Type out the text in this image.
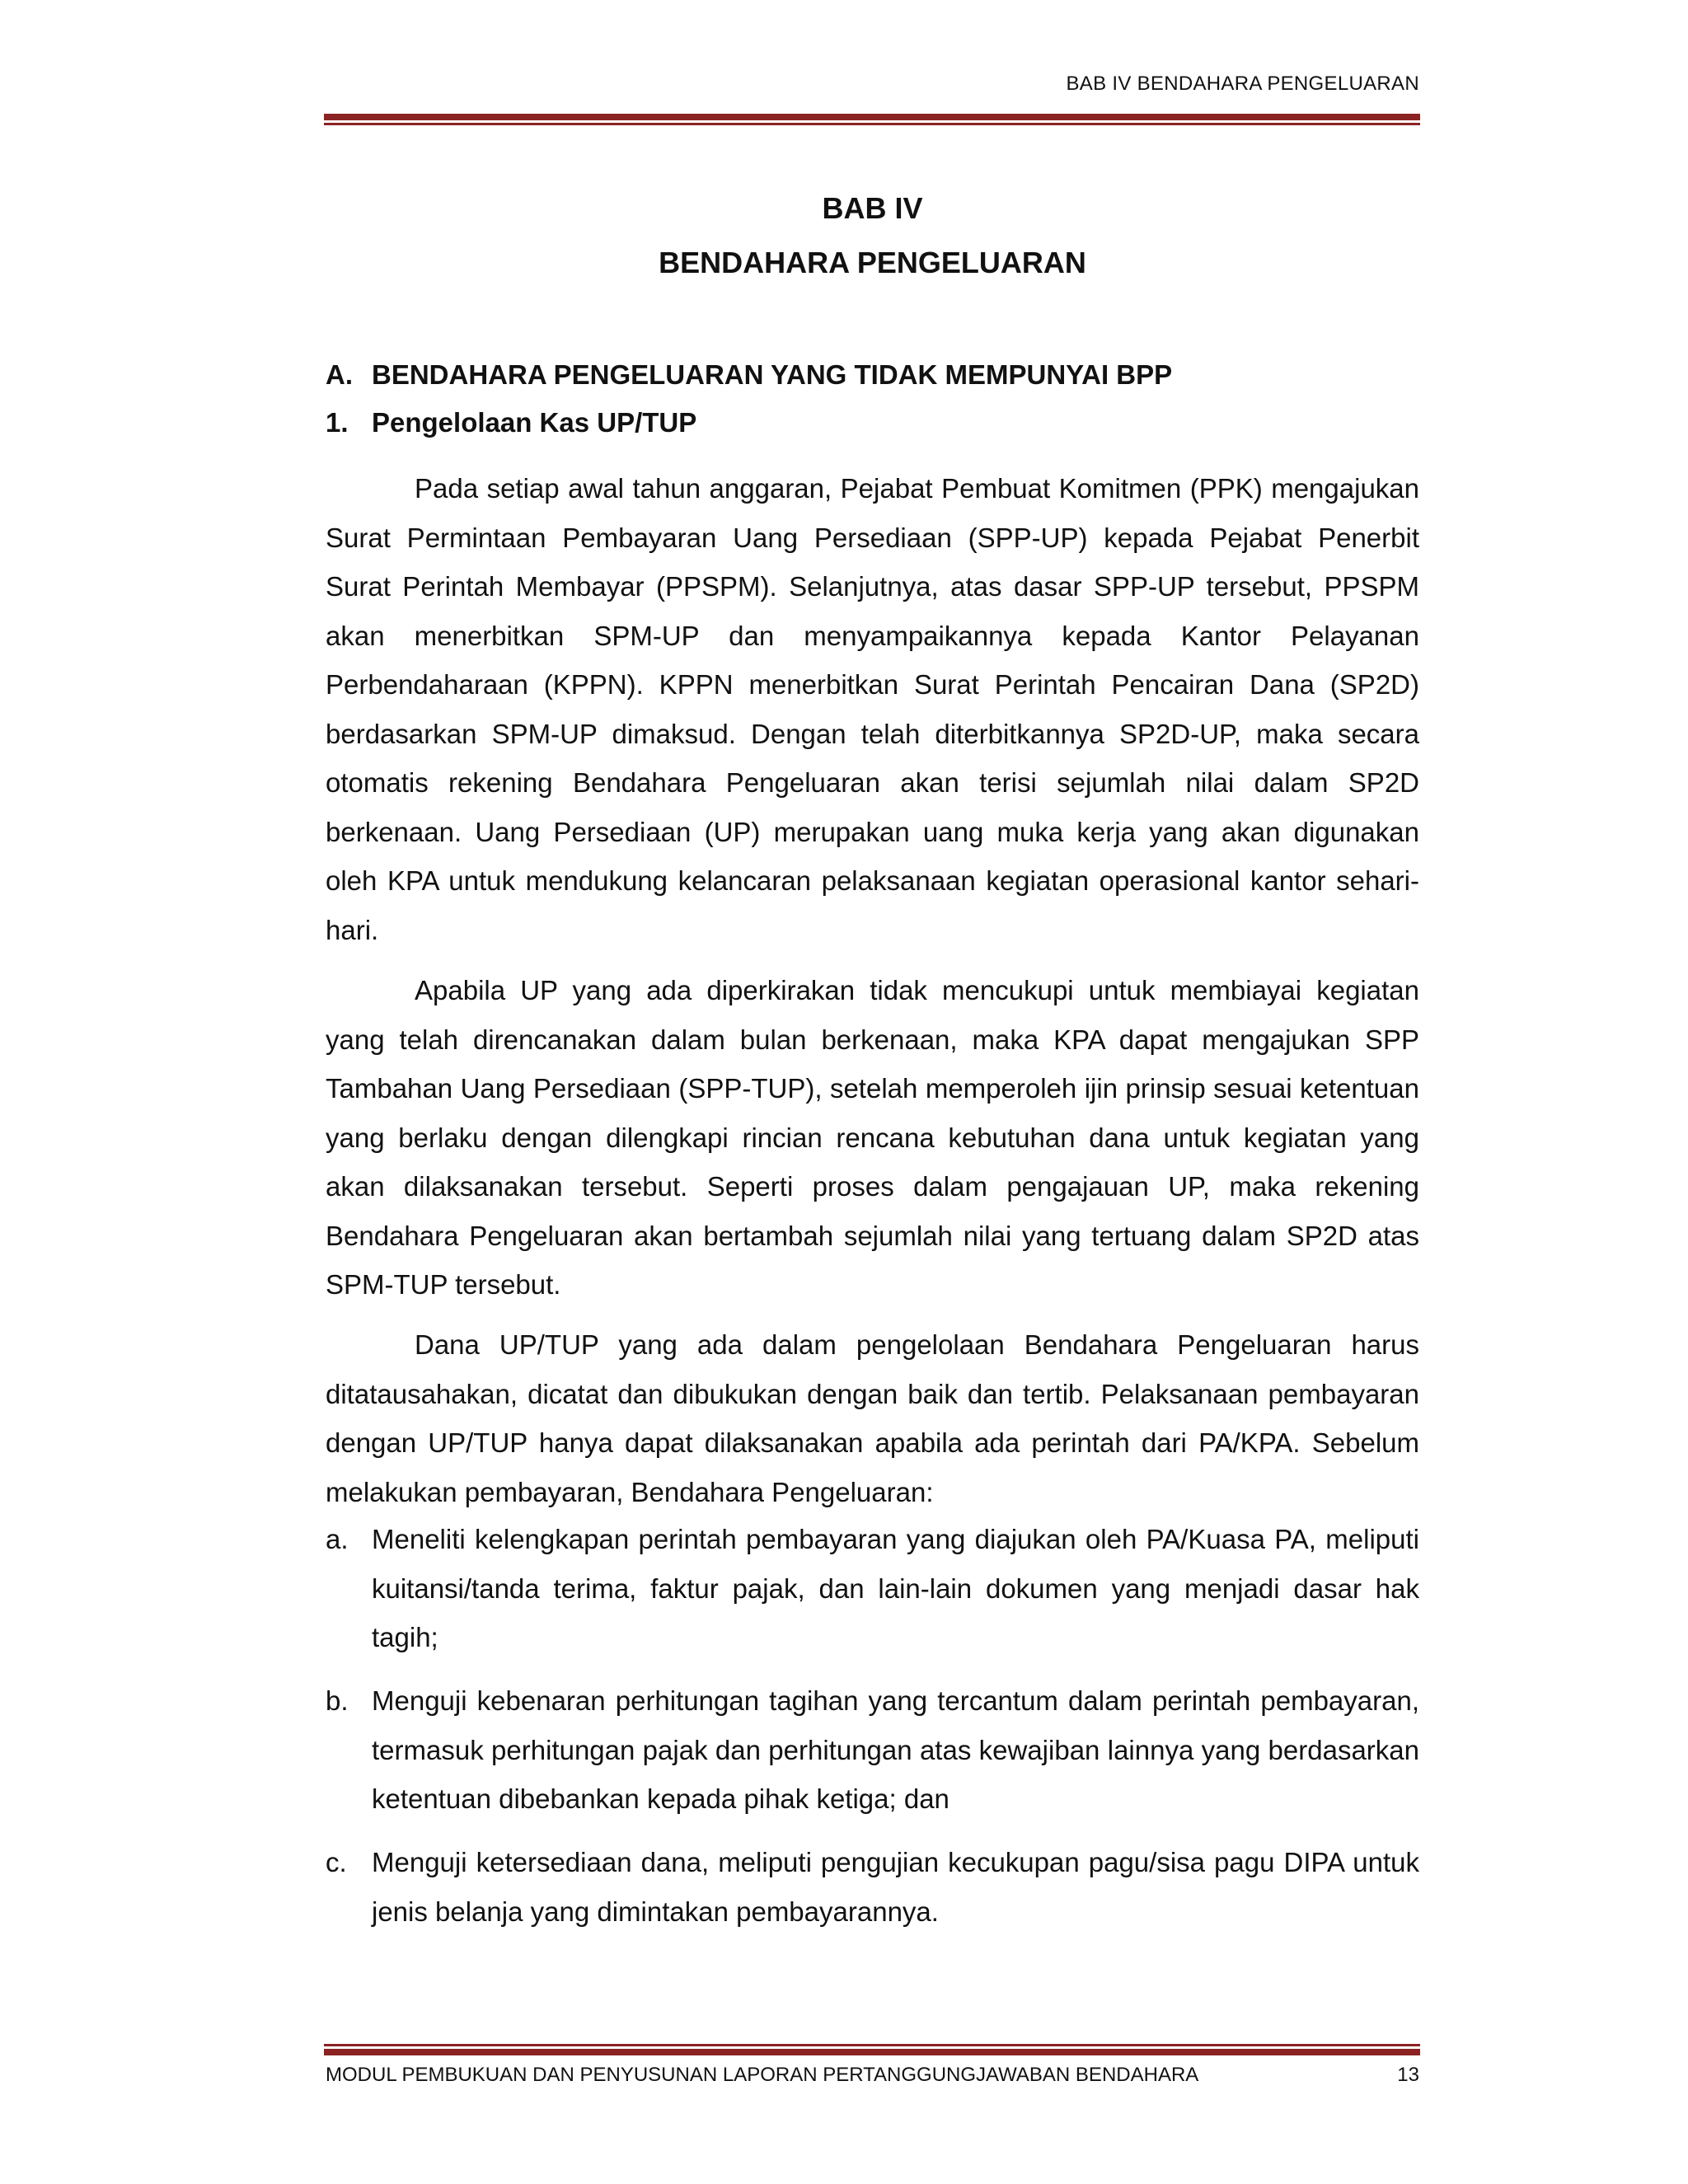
BAB IV BENDAHARA PENGELUARAN
BAB IV
BENDAHARA PENGELUARAN
A. BENDAHARA PENGELUARAN YANG TIDAK MEMPUNYAI BPP
1. Pengelolaan Kas UP/TUP

Pada setiap awal tahun anggaran, Pejabat Pembuat Komitmen (PPK) mengajukan Surat Permintaan Pembayaran Uang Persediaan (SPP-UP) kepada Pejabat Penerbit Surat Perintah Membayar (PPSPM). Selanjutnya, atas dasar SPP-UP tersebut, PPSPM akan menerbitkan SPM-UP dan menyampaikannya kepada Kantor Pelayanan Perbendaharaan (KPPN). KPPN menerbitkan Surat Perintah Pencairan Dana (SP2D) berdasarkan SPM-UP dimaksud. Dengan telah diterbitkannya SP2D-UP, maka secara otomatis rekening Bendahara Pengeluaran akan terisi sejumlah nilai dalam SP2D berkenaan. Uang Persediaan (UP) merupakan uang muka kerja yang akan digunakan oleh KPA untuk mendukung kelancaran pelaksanaan kegiatan operasional kantor sehari-hari.

Apabila UP yang ada diperkirakan tidak mencukupi untuk membiayai kegiatan yang telah direncanakan dalam bulan berkenaan, maka KPA dapat mengajukan SPP Tambahan Uang Persediaan (SPP-TUP), setelah memperoleh ijin prinsip sesuai ketentuan yang berlaku dengan dilengkapi rincian rencana kebutuhan dana untuk kegiatan yang akan dilaksanakan tersebut. Seperti proses dalam pengajauan UP, maka rekening Bendahara Pengeluaran akan bertambah sejumlah nilai yang tertuang dalam SP2D atas SPM-TUP tersebut.

Dana UP/TUP yang ada dalam pengelolaan Bendahara Pengeluaran harus ditatausahakan, dicatat dan dibukukan dengan baik dan tertib. Pelaksanaan pembayaran dengan UP/TUP hanya dapat dilaksanakan apabila ada perintah dari PA/KPA. Sebelum melakukan pembayaran, Bendahara Pengeluaran:

a. Meneliti kelengkapan perintah pembayaran yang diajukan oleh PA/Kuasa PA, meliputi kuitansi/tanda terima, faktur pajak, dan lain-lain dokumen yang menjadi dasar hak tagih;
b. Menguji kebenaran perhitungan tagihan yang tercantum dalam perintah pembayaran, termasuk perhitungan pajak dan perhitungan atas kewajiban lainnya yang berdasarkan ketentuan dibebankan kepada pihak ketiga; dan
c. Menguji ketersediaan dana, meliputi pengujian kecukupan pagu/sisa pagu DIPA untuk jenis belanja yang dimintakan pembayarannya.
MODUL PEMBUKUAN DAN PENYUSUNAN LAPORAN PERTANGGUNGJAWABAN BENDAHARA	13
